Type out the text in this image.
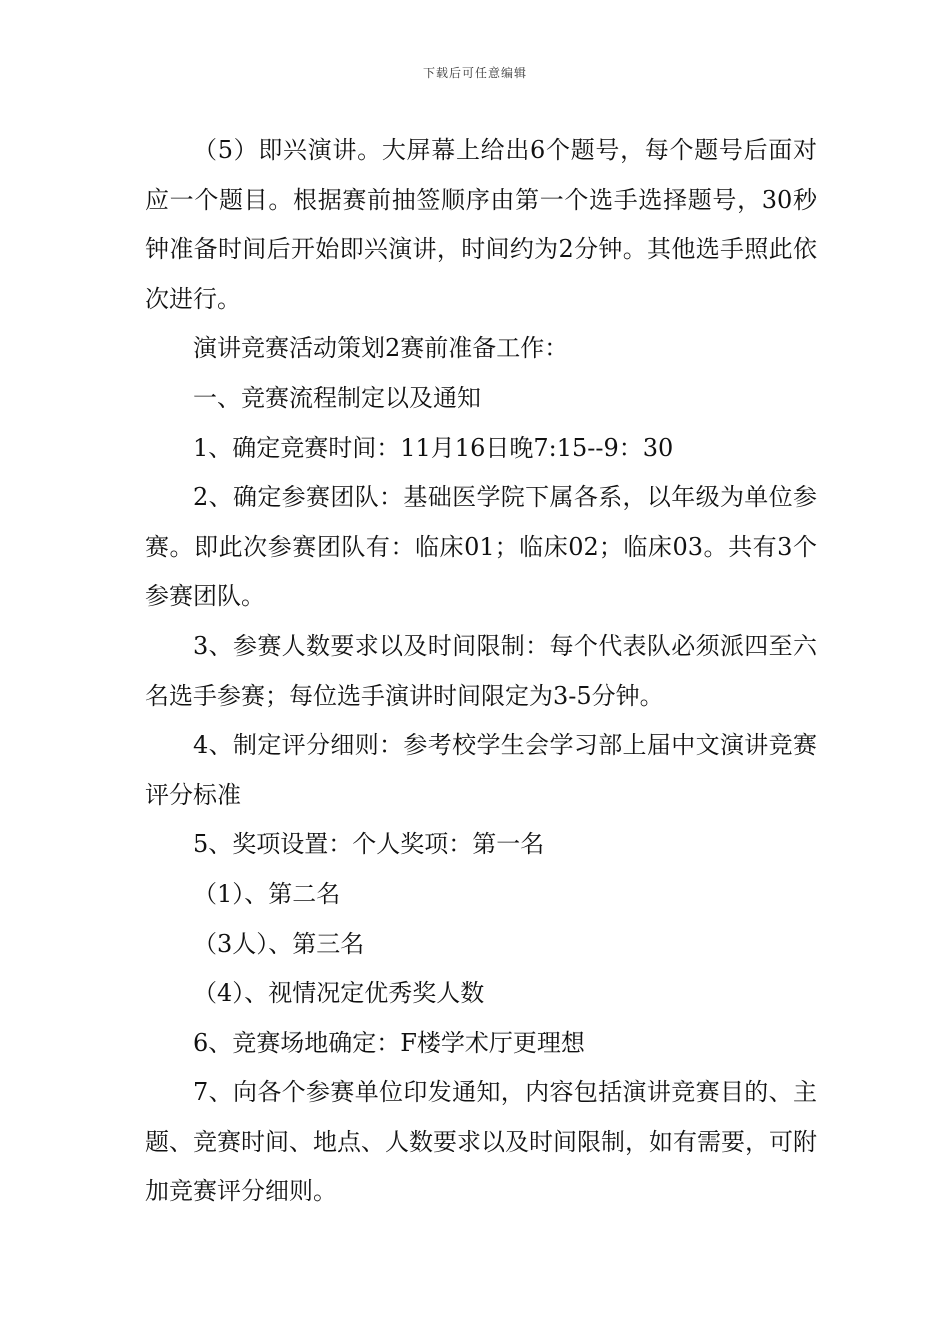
下载后可任意编辑

（5）即兴演讲。大屏幕上给出6个题号，每个题号后面对应一个题目。根据赛前抽签顺序由第一个选手选择题号，30秒钟准备时间后开始即兴演讲，时间约为2分钟。其他选手照此依次进行。

演讲竞赛活动策划2赛前准备工作：

一、竞赛流程制定以及通知

1、确定竞赛时间：11月16日晚7:15--9：30

2、确定参赛团队：基础医学院下属各系，以年级为单位参赛。即此次参赛团队有：临床01；临床02；临床03。共有3个参赛团队。

3、参赛人数要求以及时间限制：每个代表队必须派四至六名选手参赛；每位选手演讲时间限定为3-5分钟。

4、制定评分细则：参考校学生会学习部上届中文演讲竞赛评分标准

5、奖项设置：个人奖项：第一名

（1）、第二名

（3人）、第三名

（4）、视情况定优秀奖人数

6、竞赛场地确定：F楼学术厅更理想

7、向各个参赛单位印发通知，内容包括演讲竞赛目的、主题、竞赛时间、地点、人数要求以及时间限制，如有需要，可附加竞赛评分细则。
